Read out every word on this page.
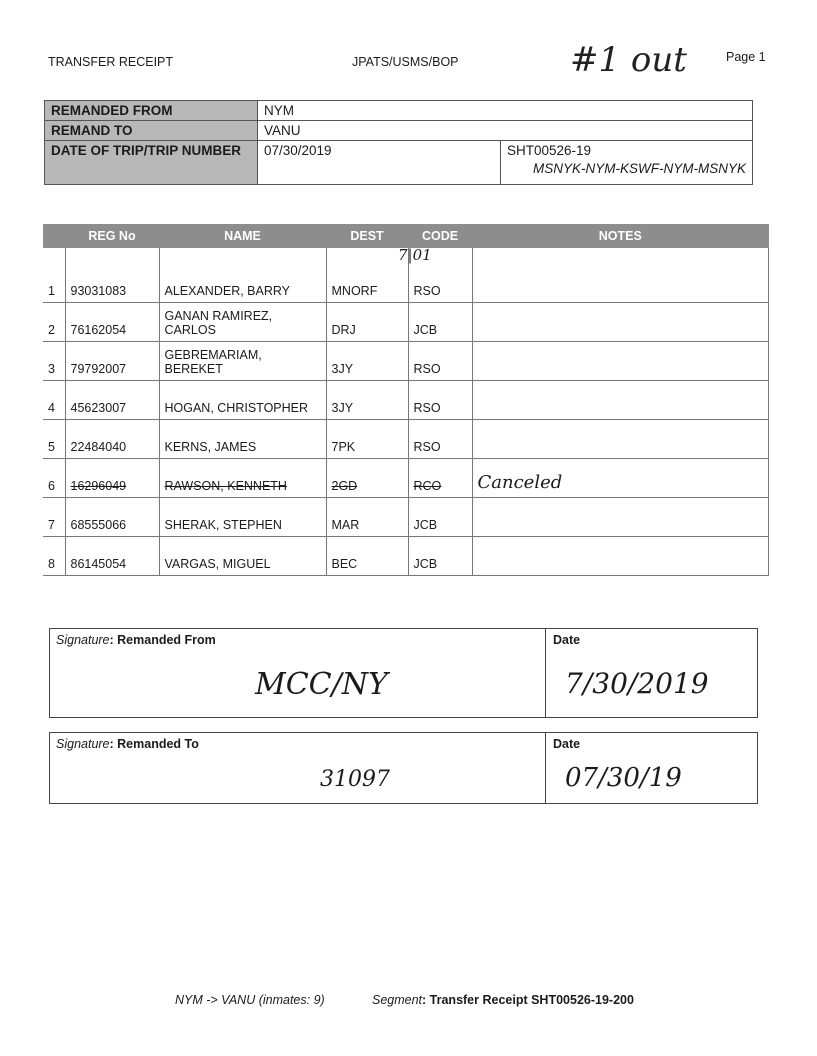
TRANSFER RECEIPT	JPATS/USMS/BOP	Page 1
#1 out
REMANDED FROM	NYM	
REMAND TO	VANU	
DATE OF TRIP/TRIP NUMBER	07/30/2019	SHT00526-19
MSNYK-NYM-KSWF-NYM-MSNYK
	REG No	NAME	DEST	CODE	NOTES

1	93031083	ALEXANDER, BARRY	MNORF	RSO	
2	76162054	GANAN RAMIREZ, CARLOS	DRJ	JCB	
3	79792007	GEBREMARIAM, BEREKET	3JY	RSO	
4	45623007	HOGAN, CHRISTOPHER	3JY	RSO	
5	22484040	KERNS, JAMES	7PK	RSO	
6	16296049	RAWSON, KENNETH	2GD	RCO	Canceled
7	68555066	SHERAK, STEPHEN	MAR	JCB	
8	86145054	VARGAS, MIGUEL	BEC	JCB	
7|01
Signature: Remanded From
MCC/NY
Date
7/30/2019
Signature: Remanded To
31097
Date
07/30/19
NYM -> VANU (inmates: 9)	Segment: Transfer Receipt SHT00526-19-200
